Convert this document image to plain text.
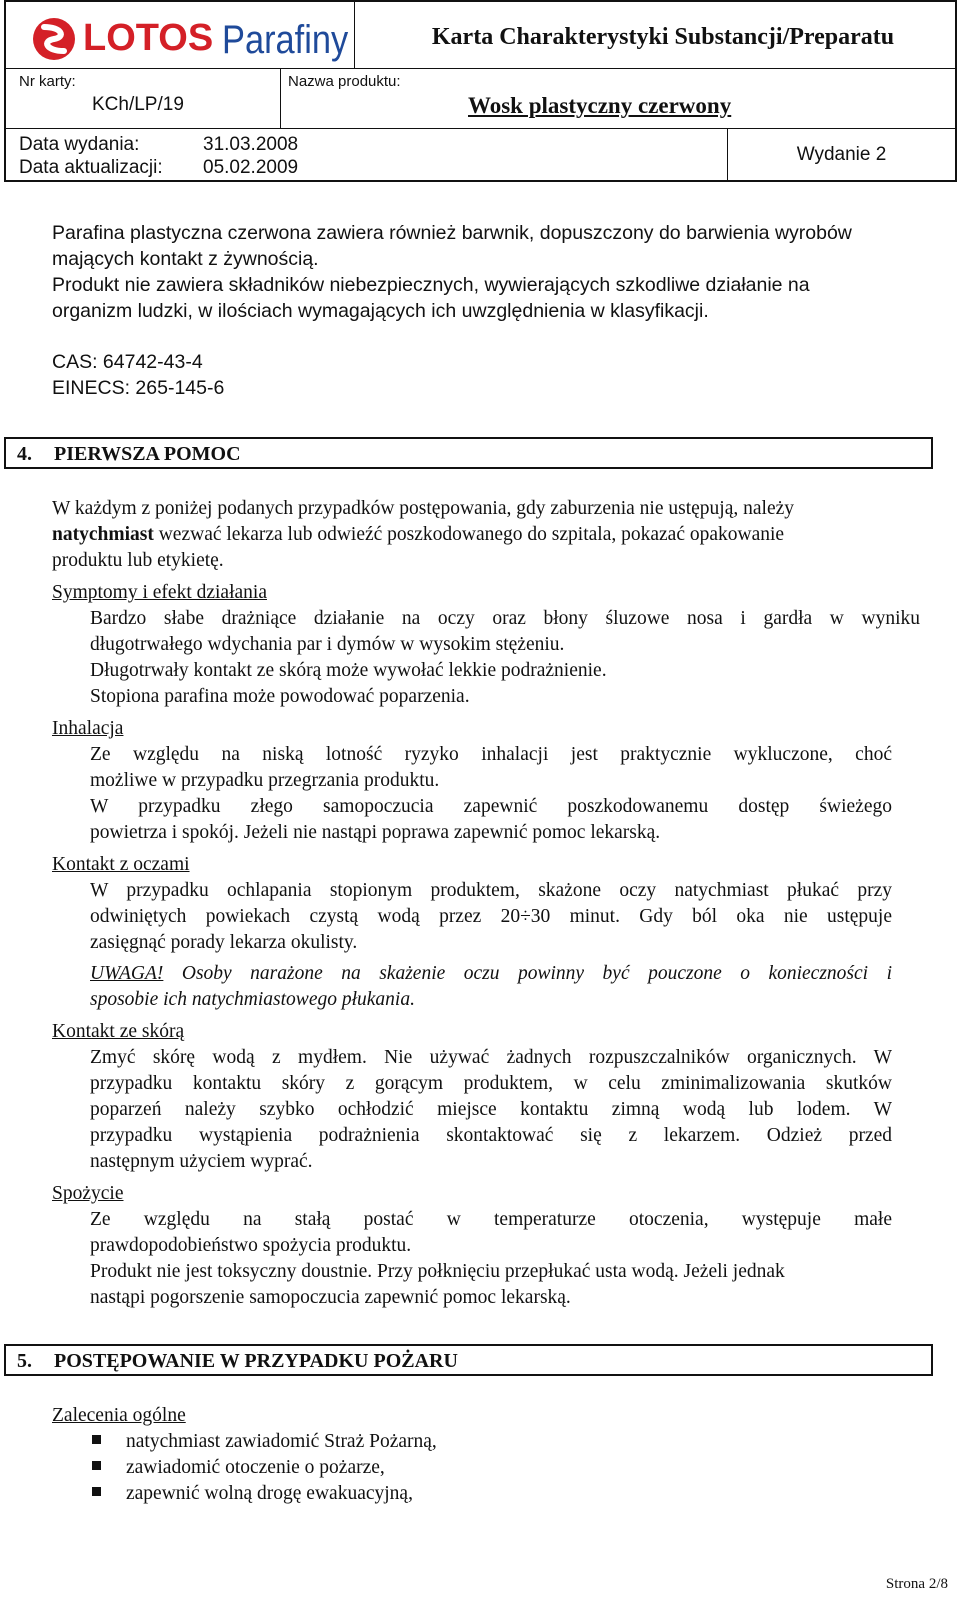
LOTOS Parafiny	Karta Charakterystyki Substancji/Preparatu
Nr karty:
KCh/LP/19
Nazwa produktu:
Wosk plastyczny czerwony
Data wydania:	31.03.2008
Data aktualizacji: 05.02.2009
Wydanie 2

Parafina plastyczna czerwona zawiera również barwnik, dopuszczony do barwienia wyrobów

mających kontakt z żywnością.

Produkt nie zawiera składników niebezpiecznych, wywierających szkodliwe działanie na

organizm ludzki, w ilościach wymagających ich uwzględnienia w klasyfikacji.

CAS: 64742-43-4

EINECS: 265-145-6

4. PIERWSZA POMOC

W każdym z poniżej podanych przypadków postępowania, gdy zaburzenia nie ustępują, należy

natychmiast wezwać lekarza lub odwieźć poszkodowanego do szpitala, pokazać opakowanie

produktu lub etykietę.

Symptomy i efekt działania

Bardzo słabe drażniące działanie na oczy oraz błony śluzowe nosa i gardła w wyniku

długotrwałego wdychania par i dymów w wysokim stężeniu.

Długotrwały kontakt ze skórą może wywołać lekkie podrażnienie.

Stopiona parafina może powodować poparzenia.

Inhalacja

Ze względu na niską lotność ryzyko inhalacji jest praktycznie wykluczone, choć

możliwe w przypadku przegrzania produktu.

W przypadku złego samopoczucia zapewnić poszkodowanemu dostęp świeżego

powietrza i spokój. Jeżeli nie nastąpi poprawa zapewnić pomoc lekarską.

Kontakt z oczami

W przypadku ochlapania stopionym produktem, skażone oczy natychmiast płukać przy

odwiniętych powiekach czystą wodą przez 20÷30 minut. Gdy ból oka nie ustępuje

zasięgnąć porady lekarza okulisty.

UWAGA! Osoby narażone na skażenie oczu powinny być pouczone o konieczności i

sposobie ich natychmiastowego płukania.

Kontakt ze skórą

Zmyć skórę wodą z mydłem. Nie używać żadnych rozpuszczalników organicznych. W

przypadku kontaktu skóry z gorącym produktem, w celu zminimalizowania skutków

poparzeń należy szybko ochłodzić miejsce kontaktu zimną wodą lub lodem. W

przypadku wystąpienia podrażnienia skontaktować się z lekarzem. Odzież przed

następnym użyciem wyprać.

Spożycie

Ze względu na stałą postać w temperaturze otoczenia, występuje małe

prawdopodobieństwo spożycia produktu.

Produkt nie jest toksyczny doustnie. Przy połknięciu przepłukać usta wodą. Jeżeli jednak

nastąpi pogorszenie samopoczucia zapewnić pomoc lekarską.

5. POSTĘPOWANIE W PRZYPADKU POŻARU

Zalecenia ogólne

natychmiast zawiadomić Straż Pożarną,

zawiadomić otoczenie o pożarze,

zapewnić wolną drogę ewakuacyjną,

Strona 2/8
